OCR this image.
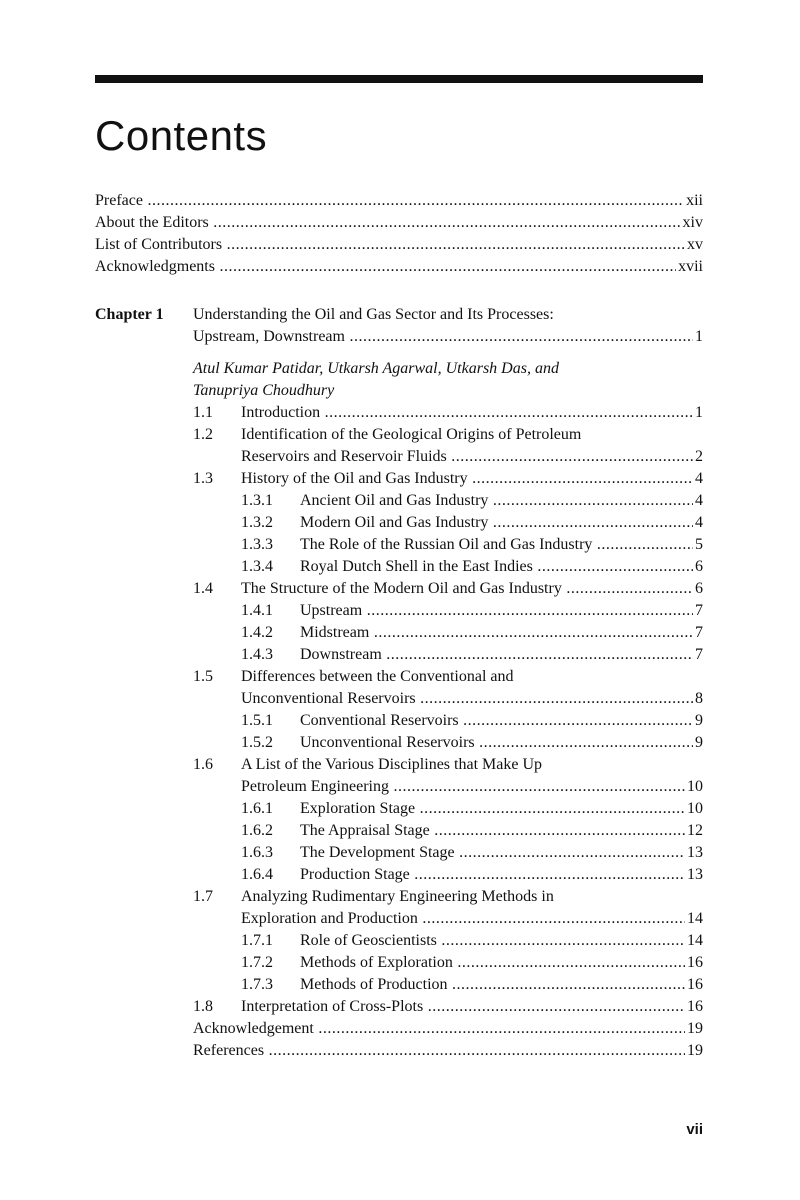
Contents
Preface .....	xii
About the Editors .....	xiv
List of Contributors .....	xv
Acknowledgments .....	xvii
Chapter 1 Understanding the Oil and Gas Sector and Its Processes:
Upstream, Downstream .....	1
Atul Kumar Patidar, Utkarsh Agarwal, Utkarsh Das, and
Tanupriya Choudhury
1.1 Introduction .....	1
1.2 Identification of the Geological Origins of Petroleum
Reservoirs and Reservoir Fluids .....	2
1.3 History of the Oil and Gas Industry .....	4
1.3.1 Ancient Oil and Gas Industry .....	4
1.3.2 Modern Oil and Gas Industry .....	4
1.3.3 The Role of the Russian Oil and Gas Industry .....	5
1.3.4 Royal Dutch Shell in the East Indies .....	6
1.4 The Structure of the Modern Oil and Gas Industry .....	6
1.4.1 Upstream .....	7
1.4.2 Midstream .....	7
1.4.3 Downstream .....	7
1.5 Differences between the Conventional and
Unconventional Reservoirs .....	8
1.5.1 Conventional Reservoirs .....	9
1.5.2 Unconventional Reservoirs .....	9
1.6 A List of the Various Disciplines that Make Up
Petroleum Engineering .....	10
1.6.1 Exploration Stage .....	10
1.6.2 The Appraisal Stage .....	12
1.6.3 The Development Stage .....	13
1.6.4 Production Stage .....	13
1.7 Analyzing Rudimentary Engineering Methods in
Exploration and Production .....	14
1.7.1 Role of Geoscientists .....	14
1.7.2 Methods of Exploration .....	16
1.7.3 Methods of Production .....	16
1.8 Interpretation of Cross-Plots .....	16
Acknowledgement .....	19
References .....	19
vii
